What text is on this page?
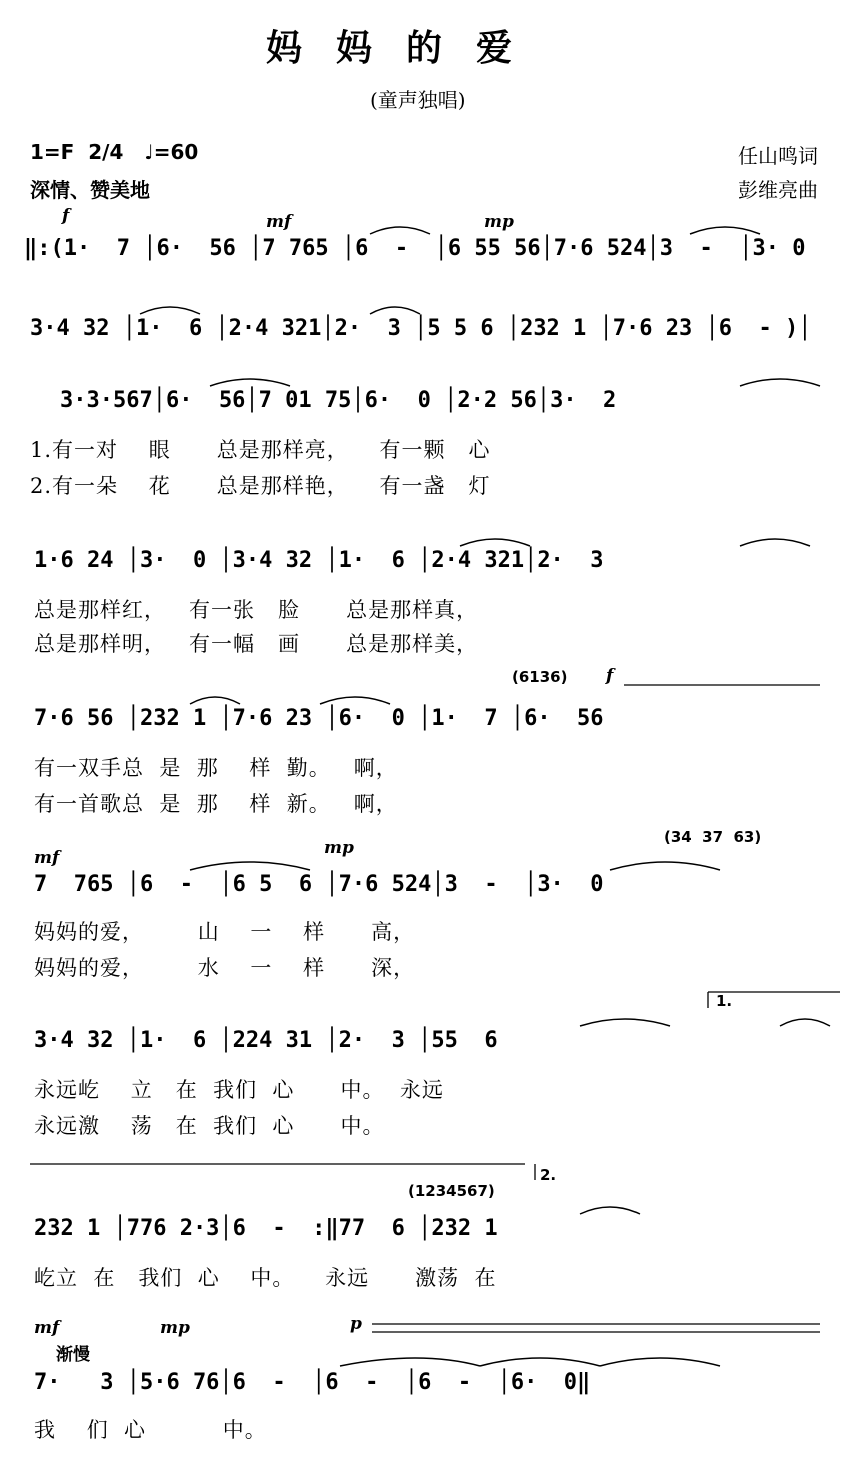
妈妈的爱
(童声独唱)
1=F  2/4   ♩=60
深情、赞美地
任山鸣词
彭维亮曲
f	mf	mp
‖:(1·  7 │6·  56 │7 765 │6  -  │6 55 56│7·6 524│3  -  │3· 0
3·4 32 │1·  6 │2·4 321│2·  3 │5 5 6 │232 1 │7·6 23 │6  - )│
3·3·567│6·  56│7 01 75│6·  0 │2·2 56│3·  2
1.有一对    眼      总是那样亮，    有一颗   心
2.有一朵    花      总是那样艳，    有一盏   灯
1·6 24 │3·  0 │3·4 32 │1·  6 │2·4 321│2·  3
总是那样红，   有一张   脸      总是那样真，
总是那样明，   有一幅   画      总是那样美，
(6136) f
7·6 56 │232 1 │7·6 23 │6·  0 │1·  7 │6·  56
有一双手总  是  那    样  勤。   啊，
有一首歌总  是  那    样  新。   啊，
(34  37  63)
mf	mp
7  765 │6  -  │6 5  6 │7·6 524│3  -  │3·  0
妈妈的爱，       山    一    样      高，
妈妈的爱，       水    一    样      深，
1.
3·4 32 │1·  6 │224 31 │2·  3 │55  6
永远屹    立   在  我们  心      中。  永远
永远激    荡   在  我们  心      中。
(1234567)
2.
232 1 │776 2·3│6  -  :‖77  6 │232 1
屹立  在   我们  心    中。    永远      激荡  在
mf	mp	p
渐慢
7·   3 │5·6 76│6  -  │6  -  │6  -  │6·  0‖
我    们  心          中。
